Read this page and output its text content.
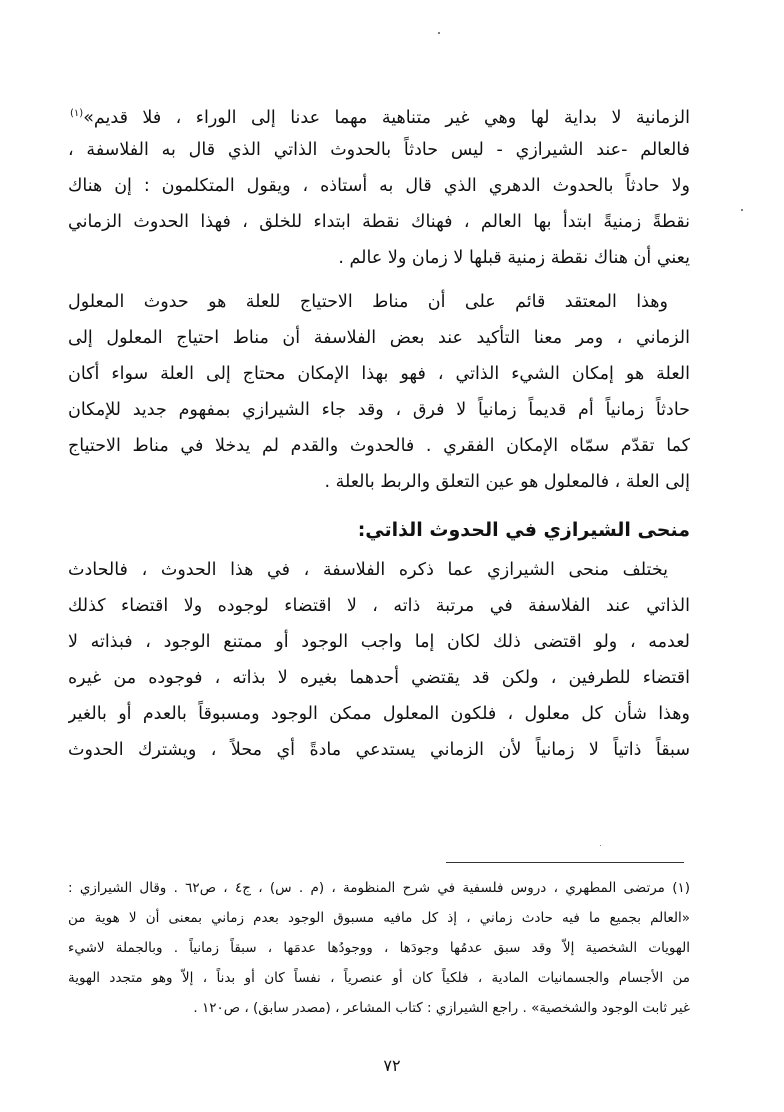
الزمانية لا بداية لها وهي غير متناهية مهما عدنا إلى الوراء ، فلا قديم»$^{(١)}$
فالعالم -عند الشيرازي - ليس حادثاً بالحدوث الذاتي الذي قال به الفلاسفة ،
ولا حادثاً بالحدوث الدهري الذي قال به أستاذه ، ويقول المتكلمون : إن هناك
نقطةً زمنيةً ابتدأ بها العالم ، فهناك نقطة ابتداء للخلق ، فهذا الحدوث الزماني
يعني أن هناك نقطة زمنية قبلها لا زمان ولا عالم .
وهذا المعتقد قائم على أن مناط الاحتياج للعلة هو حدوث المعلول
الزماني ، ومر معنا التأكيد عند بعض الفلاسفة أن مناط احتياج المعلول إلى
العلة هو إمكان الشيء الذاتي ، فهو بهذا الإمكان محتاج إلى العلة سواء أكان
حادثاً زمانياً أم قديماً زمانياً لا فرق ، وقد جاء الشيرازي بمفهوم جديد للإمكان
كما تقدّم سمّاه الإمكان الفقري . فالحدوث والقدم لم يدخلا في مناط الاحتياج
إلى العلة ، فالمعلول هو عين التعلق والربط بالعلة .
منحى الشيرازي في الحدوث الذاتي:
يختلف منحى الشيرازي عما ذكره الفلاسفة ، في هذا الحدوث ، فالحادث
الذاتي عند الفلاسفة في مرتبة ذاته ، لا اقتضاء لوجوده ولا اقتضاء كذلك
لعدمه ، ولو اقتضى ذلك لكان إما واجب الوجود أو ممتنع الوجود ، فبذاته لا
اقتضاء للطرفين ، ولكن قد يقتضي أحدهما بغيره لا بذاته ، فوجوده من غيره
وهذا شأن كل معلول ، فلكون المعلول ممكن الوجود ومسبوقاً بالعدم أو بالغير
سبقاً ذاتياً لا زمانياً لأن الزماني يستدعي مادةً أي محلاً ، ويشترك الحدوث
(١) مرتضى المطهري ، دروس فلسفية في شرح المنظومة ، (م . س) ، ج٤ ، ص٦٢ . وقال الشيرازي :
«العالم بجميع ما فيه حادث زماني ، إذ كل مافيه مسبوق الوجود بعدم زماني بمعنى أن لا هوية من
الهويات الشخصية إلاّ وقد سبق عدمُها وجودَها ، ووجودُها عدمَها ، سبقاً زمانياً . وبالجملة لاشيء
من الأجسام والجسمانيات المادية ، فلكياً كان أو عنصرياً ، نفساً كان أو بدناً ، إلاّ وهو متجدد الهوية
غير ثابت الوجود والشخصية» . راجع الشيرازي : كتاب المشاعر ، (مصدر سابق) ، ص١٢٠ .
٧٢
